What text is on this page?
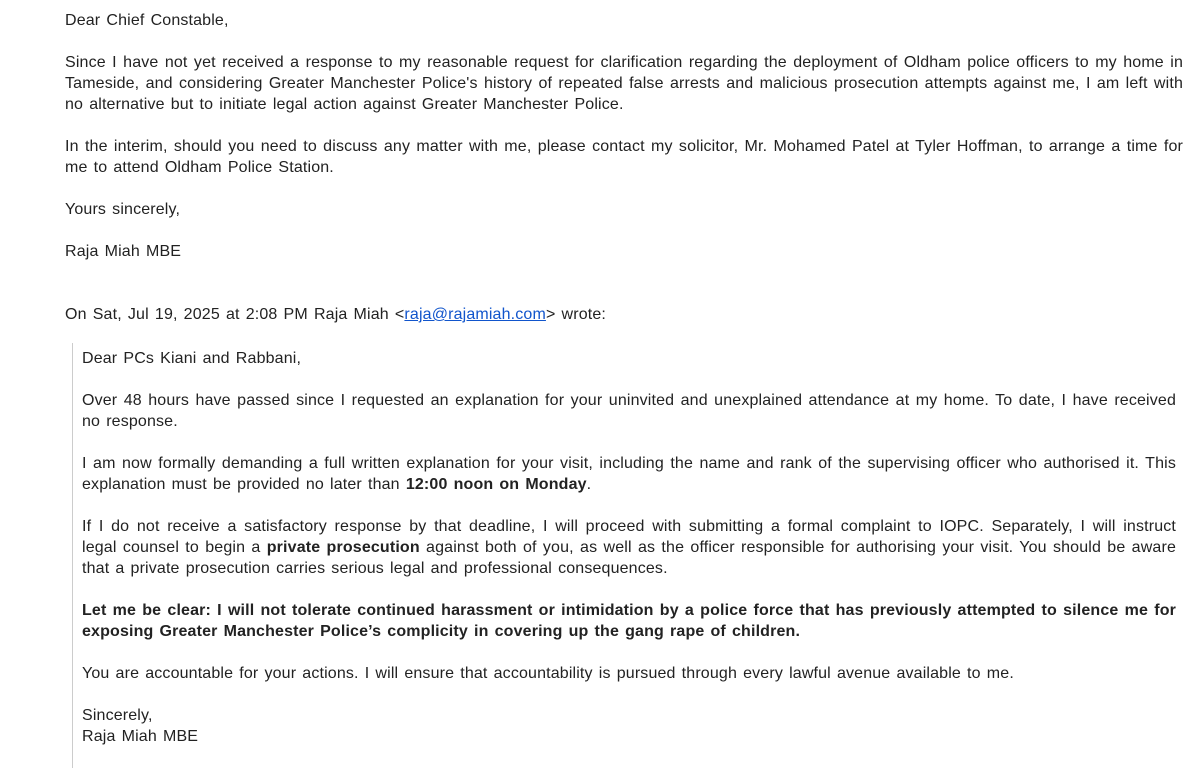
Dear Chief Constable,

Since I have not yet received a response to my reasonable request for clarification regarding the deployment of Oldham police officers to my home in Tameside, and considering Greater Manchester Police's history of repeated false arrests and malicious prosecution attempts against me, I am left with no alternative but to initiate legal action against Greater Manchester Police.

In the interim, should you need to discuss any matter with me, please contact my solicitor, Mr. Mohamed Patel at Tyler Hoffman, to arrange a time for me to attend Oldham Police Station.

Yours sincerely,

Raja Miah MBE

On Sat, Jul 19, 2025 at 2:08 PM Raja Miah <raja@rajamiah.com> wrote:

Dear PCs Kiani and Rabbani,

Over 48 hours have passed since I requested an explanation for your uninvited and unexplained attendance at my home. To date, I have received no response.

I am now formally demanding a full written explanation for your visit, including the name and rank of the supervising officer who authorised it. This explanation must be provided no later than 12:00 noon on Monday.

If I do not receive a satisfactory response by that deadline, I will proceed with submitting a formal complaint to IOPC. Separately, I will instruct legal counsel to begin a private prosecution against both of you, as well as the officer responsible for authorising your visit. You should be aware that a private prosecution carries serious legal and professional consequences.

Let me be clear: I will not tolerate continued harassment or intimidation by a police force that has previously attempted to silence me for exposing Greater Manchester Police’s complicity in covering up the gang rape of children.

You are accountable for your actions. I will ensure that accountability is pursued through every lawful avenue available to me.

Sincerely,

Raja Miah MBE
